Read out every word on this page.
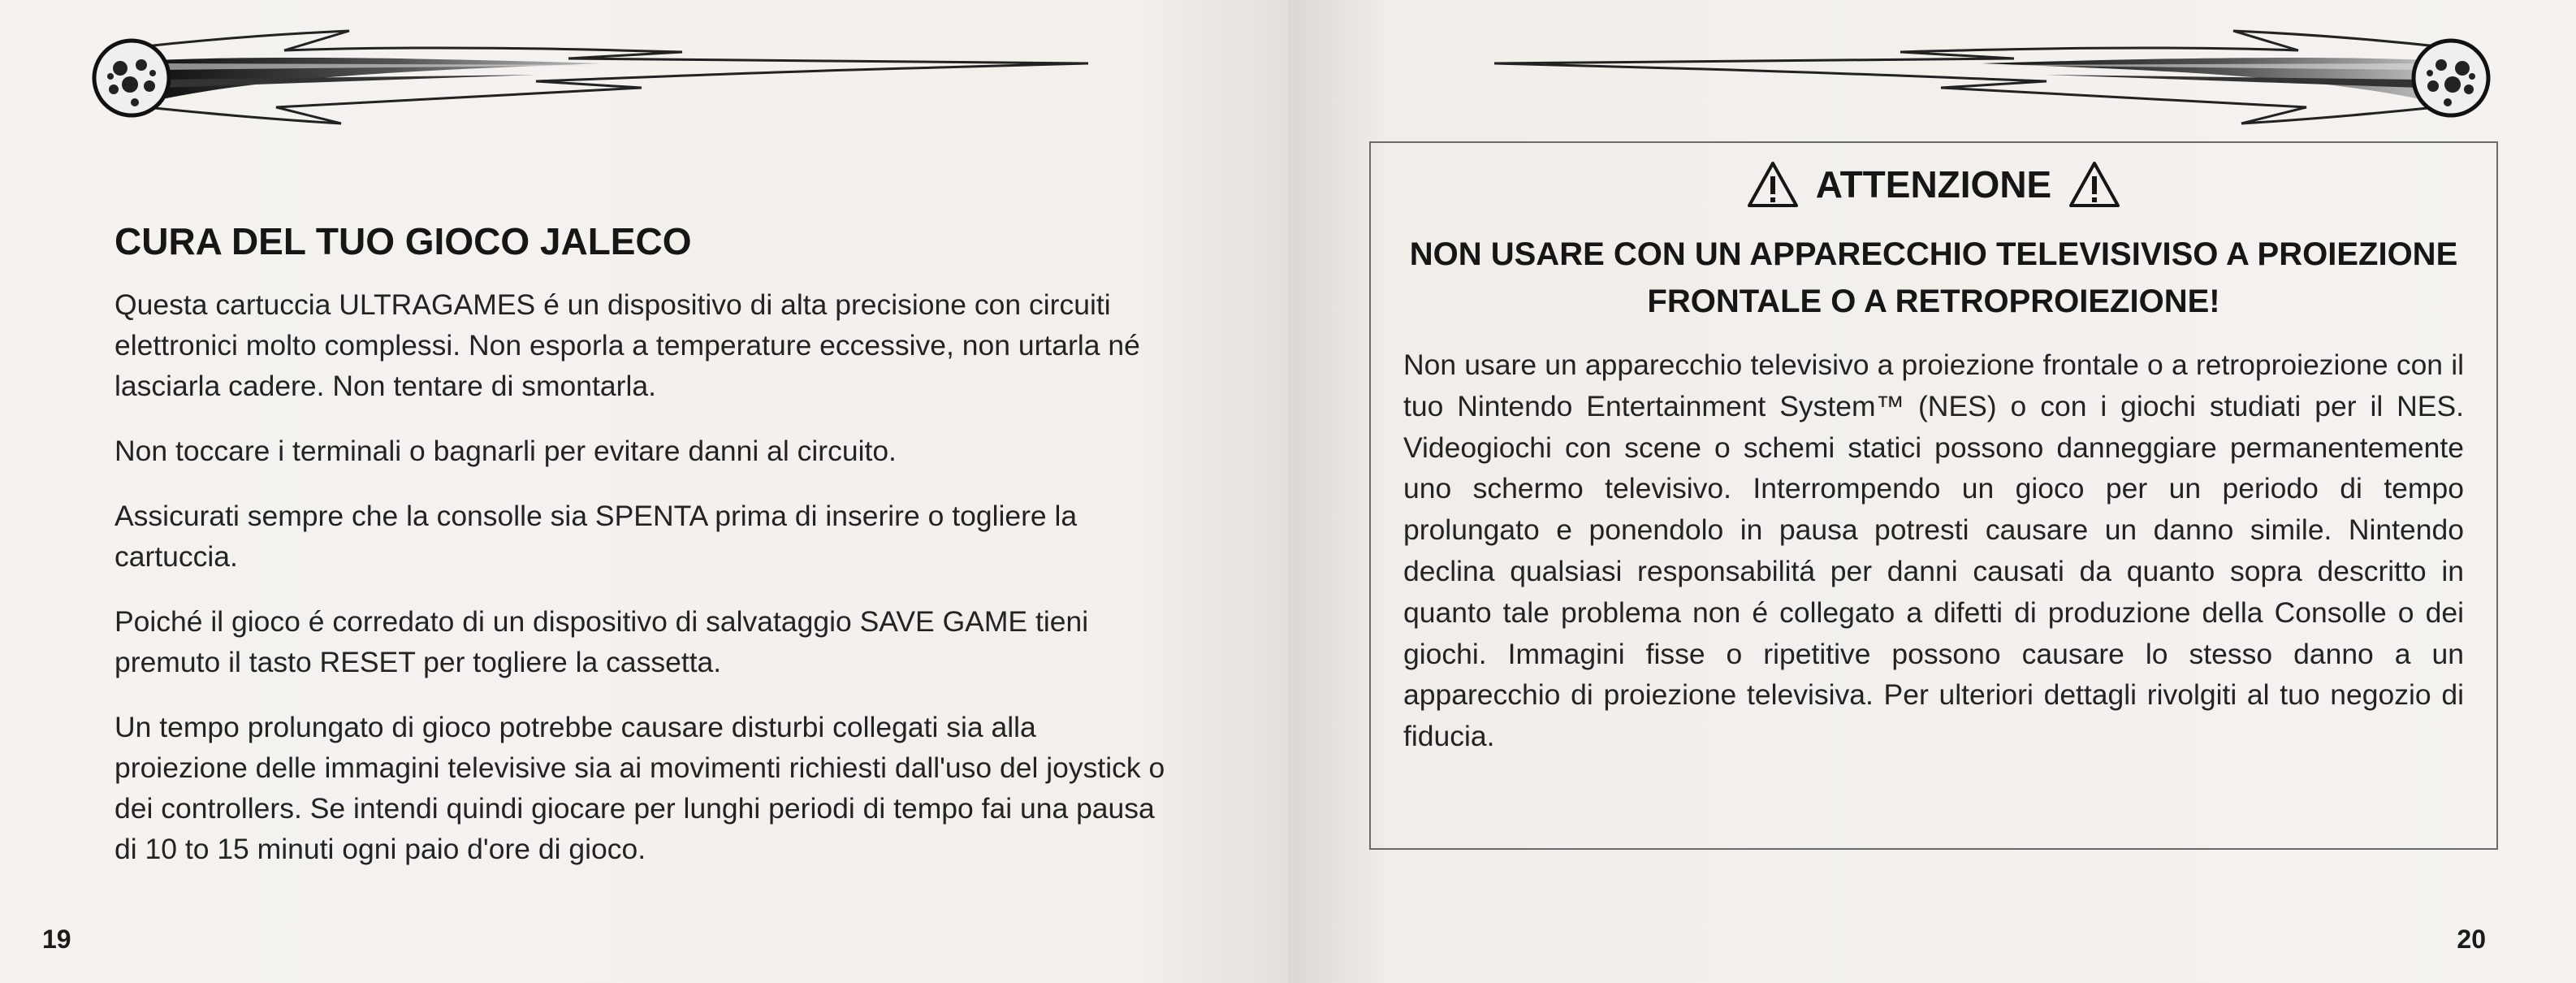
CURA DEL TUO GIOCO JALECO

Questa cartuccia ULTRAGAMES é un dispositivo di alta precisione con circuiti elettronici molto complessi. Non esporla a temperature eccessive, non urtarla né lasciarla cadere. Non tentare di smontarla.

Non toccare i terminali o bagnarli per evitare danni al circuito.

Assicurati sempre che la consolle sia SPENTA prima di inserire o togliere la cartuccia.

Poiché il gioco é corredato di un dispositivo di salvataggio SAVE GAME tieni premuto il tasto RESET per togliere la cassetta.

Un tempo prolungato di gioco potrebbe causare disturbi collegati sia alla proiezione delle immagini televisive sia ai movimenti richiesti dall'uso del joystick o dei controllers. Se intendi quindi giocare per lunghi periodi di tempo fai una pausa di 10 to 15 minuti ogni paio d'ore di gioco.

19

ATTENZIONE

NON USARE CON UN APPARECCHIO TELEVISIVISO A PROIEZIONE FRONTALE O A RETROPROIEZIONE!

Non usare un apparecchio televisivo a proiezione frontale o a retroproiezione con il tuo Nintendo Entertainment System™ (NES) o con i giochi studiati per il NES. Videogiochi con scene o schemi statici possono danneggiare permanentemente uno schermo televisivo. Interrompendo un gioco per un periodo di tempo prolungato e ponendolo in pausa potresti causare un danno simile. Nintendo declina qualsiasi responsabilitá per danni causati da quanto sopra descritto in quanto tale problema non é collegato a difetti di produzione della Consolle o dei giochi. Immagini fisse o ripetitive possono causare lo stesso danno a un apparecchio di proiezione televisiva. Per ulteriori dettagli rivolgiti al tuo negozio di fiducia.

20
